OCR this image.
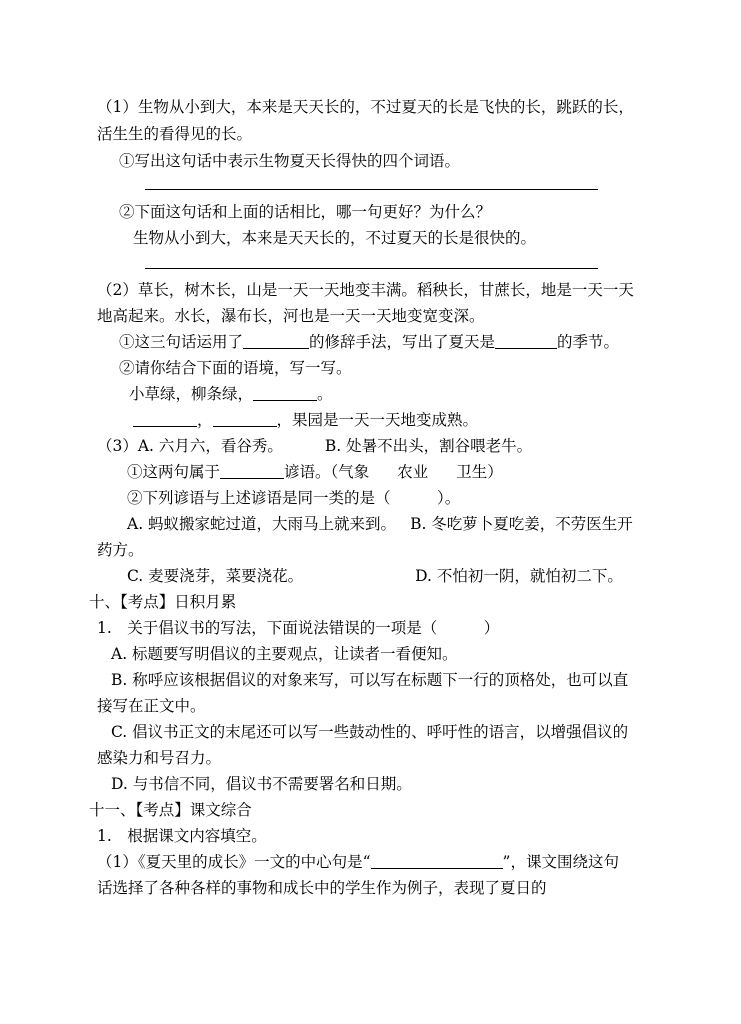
（1）生物从小到大，本来是天天长的，不过夏天的长是飞快的长，跳跃的长，
活生生的看得见的长。
①写出这句话中表示生物夏天长得快的四个词语。
②下面这句话和上面的话相比，哪一句更好？为什么？
生物从小到大，本来是天天长的，不过夏天的长是很快的。
（2）草长，树木长，山是一天一天地变丰满。稻秧长，甘蔗长，地是一天一天
地高起来。水长，瀑布长，河也是一天一天地变宽变深。
①这三句话运用了	的修辞手法，写出了夏天是	的季节。
②请你结合下面的语境，写一写。
小草绿，柳条绿，	。
，	，果园是一天一天地变成熟。
（3）A. 六月六，看谷秀。	B. 处暑不出头，割谷喂老牛。
①这两句属于	谚语。（气象 农业 卫生）
②下列谚语与上述谚语是同一类的是（　　　）。
A. 蚂蚁搬家蛇过道，大雨马上就来到。 B. 冬吃萝卜夏吃姜，不劳医生开
药方。
C. 麦要浇芽，菜要浇花。	D. 不怕初一阴，就怕初二下。
十、【考点】日积月累
1.　关于倡议书的写法，下面说法错误的一项是（　　　）
A. 标题要写明倡议的主要观点，让读者一看便知。
B. 称呼应该根据倡议的对象来写，可以写在标题下一行的顶格处，也可以直
接写在正文中。
C. 倡议书正文的末尾还可以写一些鼓动性的、呼吁性的语言，以增强倡议的
感染力和号召力。
D. 与书信不同，倡议书不需要署名和日期。
十一、【考点】课文综合
1.　根据课文内容填空。
（1）《夏天里的成长》一文的中心句是“	”，课文围绕这句
话选择了各种各样的事物和成长中的学生作为例子，表现了夏日的
